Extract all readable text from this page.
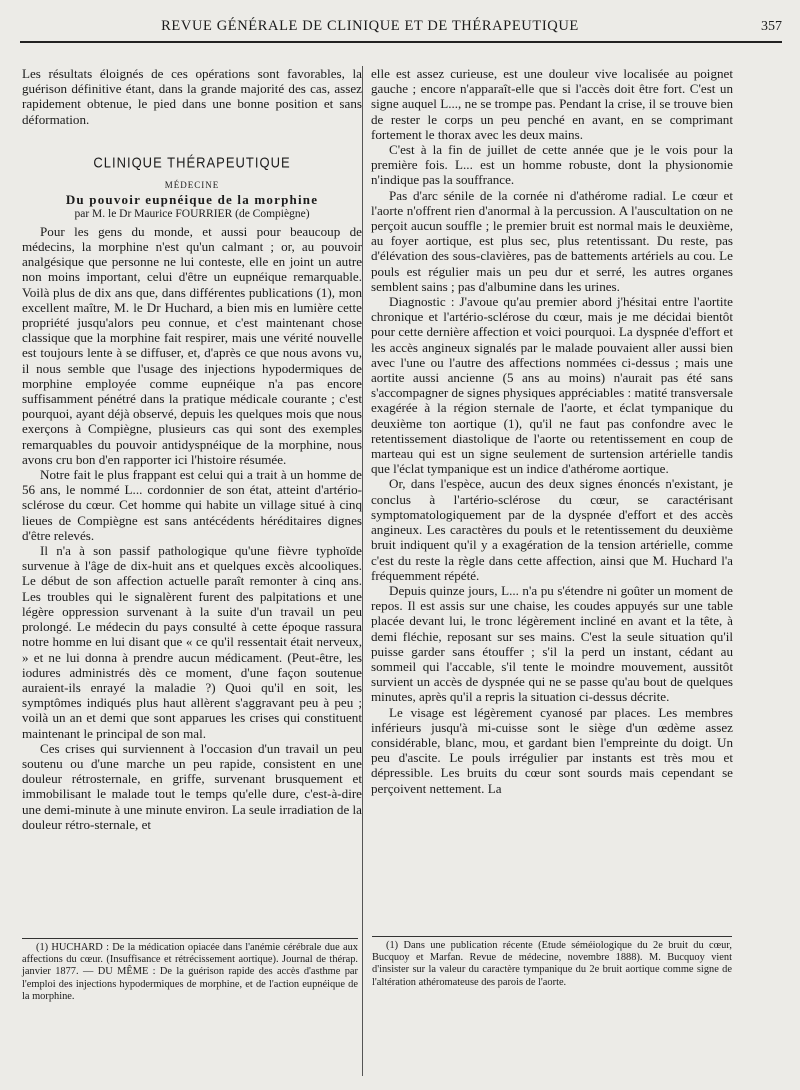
REVUE GÉNÉRALE DE CLINIQUE ET DE THÉRAPEUTIQUE	357

Les résultats éloignés de ces opérations sont favorables, la guérison définitive étant, dans la grande majorité des cas, assez rapidement obtenue, le pied dans une bonne position et sans déformation.

CLINIQUE THÉRAPEUTIQUE
MÉDECINE
Du pouvoir eupnéique de la morphine
par M. le Dr Maurice FOURRIER (de Compiègne)

Pour les gens du monde, et aussi pour beaucoup de médecins, la morphine n'est qu'un calmant ; or, au pouvoir analgésique que personne ne lui conteste, elle en joint un autre non moins important, celui d'être un eupnéique remarquable. Voilà plus de dix ans que, dans différentes publications (1), mon excellent maître, M. le Dr Huchard, a bien mis en lumière cette propriété jusqu'alors peu connue, et c'est maintenant chose classique que la morphine fait respirer, mais une vérité nouvelle est toujours lente à se diffuser, et, d'après ce que nous avons vu, il nous semble que l'usage des injections hypodermiques de morphine employée comme eupnéique n'a pas encore suffisamment pénétré dans la pratique médicale courante ; c'est pourquoi, ayant déjà observé, depuis les quelques mois que nous exerçons à Compiègne, plusieurs cas qui sont des exemples remarquables du pouvoir antidyspnéique de la morphine, nous avons cru bon d'en rapporter ici l'histoire résumée.

Notre fait le plus frappant est celui qui a trait à un homme de 56 ans, le nommé L... cordonnier de son état, atteint d'artério-sclérose du cœur. Cet homme qui habite un village situé à cinq lieues de Compiègne est sans antécédents héréditaires dignes d'être relevés.

Il n'a à son passif pathologique qu'une fièvre typhoïde survenue à l'âge de dix-huit ans et quelques excès alcooliques. Le début de son affection actuelle paraît remonter à cinq ans. Les troubles qui le signalèrent furent des palpitations et une légère oppression survenant à la suite d'un travail un peu prolongé. Le médecin du pays consulté à cette époque rassura notre homme en lui disant que « ce qu'il ressentait était nerveux, » et ne lui donna à prendre aucun médicament. (Peut-être, les iodures administrés dès ce moment, d'une façon soutenue auraient-ils enrayé la maladie ?) Quoi qu'il en soit, les symptômes indiqués plus haut allèrent s'aggravant peu à peu ; voilà un an et demi que sont apparues les crises qui constituent maintenant le principal de son mal.

Ces crises qui surviennent à l'occasion d'un travail un peu soutenu ou d'une marche un peu rapide, consistent en une douleur rétrosternale, en griffe, survenant brusquement et immobilisant le malade tout le temps qu'elle dure, c'est-à-dire une demi-minute à une minute environ. La seule irradiation de la douleur rétro-sternale, et

elle est assez curieuse, est une douleur vive localisée au poignet gauche ; encore n'apparaît-elle que si l'accès doit être fort. C'est un signe auquel L..., ne se trompe pas. Pendant la crise, il se trouve bien de rester le corps un peu penché en avant, en se comprimant fortement le thorax avec les deux mains.

C'est à la fin de juillet de cette année que je le vois pour la première fois. L... est un homme robuste, dont la physionomie n'indique pas la souffrance.

Pas d'arc sénile de la cornée ni d'athérome radial. Le cœur et l'aorte n'offrent rien d'anormal à la percussion. A l'auscultation on ne perçoit aucun souffle ; le premier bruit est normal mais le deuxième, au foyer aortique, est plus sec, plus retentissant. Du reste, pas d'élévation des sous-clavières, pas de battements artériels au cou. Le pouls est régulier mais un peu dur et serré, les autres organes semblent sains ; pas d'albumine dans les urines.

Diagnostic : J'avoue qu'au premier abord j'hésitai entre l'aortite chronique et l'artério-sclérose du cœur, mais je me décidai bientôt pour cette dernière affection et voici pourquoi. La dyspnée d'effort et les accès angineux signalés par le malade pouvaient aller aussi bien avec l'une ou l'autre des affections nommées ci-dessus ; mais une aortite aussi ancienne (5 ans au moins) n'aurait pas été sans s'accompagner de signes physiques appréciables : matité transversale exagérée à la région sternale de l'aorte, et éclat tympanique du deuxième ton aortique (1), qu'il ne faut pas confondre avec le retentissement diastolique de l'aorte ou retentissement en coup de marteau qui est un signe seulement de surtension artérielle tandis que l'éclat tympanique est un indice d'athérome aortique.

Or, dans l'espèce, aucun des deux signes énoncés n'existant, je conclus à l'artério-sclérose du cœur, se caractérisant symptomatologiquement par de la dyspnée d'effort et des accès angineux. Les caractères du pouls et le retentissement du deuxième bruit indiquent qu'il y a exagération de la tension artérielle, comme c'est du reste la règle dans cette affection, ainsi que M. Huchard l'a fréquemment répété.

Depuis quinze jours, L... n'a pu s'étendre ni goûter un moment de repos. Il est assis sur une chaise, les coudes appuyés sur une table placée devant lui, le tronc légèrement incliné en avant et la tête, à demi fléchie, reposant sur ses mains. C'est la seule situation qu'il puisse garder sans étouffer ; s'il la perd un instant, cédant au sommeil qui l'accable, s'il tente le moindre mouvement, aussitôt survient un accès de dyspnée qui ne se passe qu'au bout de quelques minutes, après qu'il a repris la situation ci-dessus décrite.

Le visage est légèrement cyanosé par places. Les membres inférieurs jusqu'à mi-cuisse sont le siège d'un œdème assez considérable, blanc, mou, et gardant bien l'empreinte du doigt. Un peu d'ascite. Le pouls irrégulier par instants est très mou et dépressible. Les bruits du cœur sont sourds mais cependant se perçoivent nettement. La

(1) HUCHARD : De la médication opiacée dans l'anémie cérébrale due aux affections du cœur. (Insuffisance et rétrécissement aortique). Journal de thérap. janvier 1877. — DU MÊME : De la guérison rapide des accès d'asthme par l'emploi des injections hypodermiques de morphine, et de l'action eupnéique de la morphine.

(1) Dans une publication récente (Etude séméiologique du 2e bruit du cœur, Bucquoy et Marfan. Revue de médecine, novembre 1888). M. Bucquoy vient d'insister sur la valeur du caractère tympanique du 2e bruit aortique comme signe de l'altération athéromateuse des parois de l'aorte.
